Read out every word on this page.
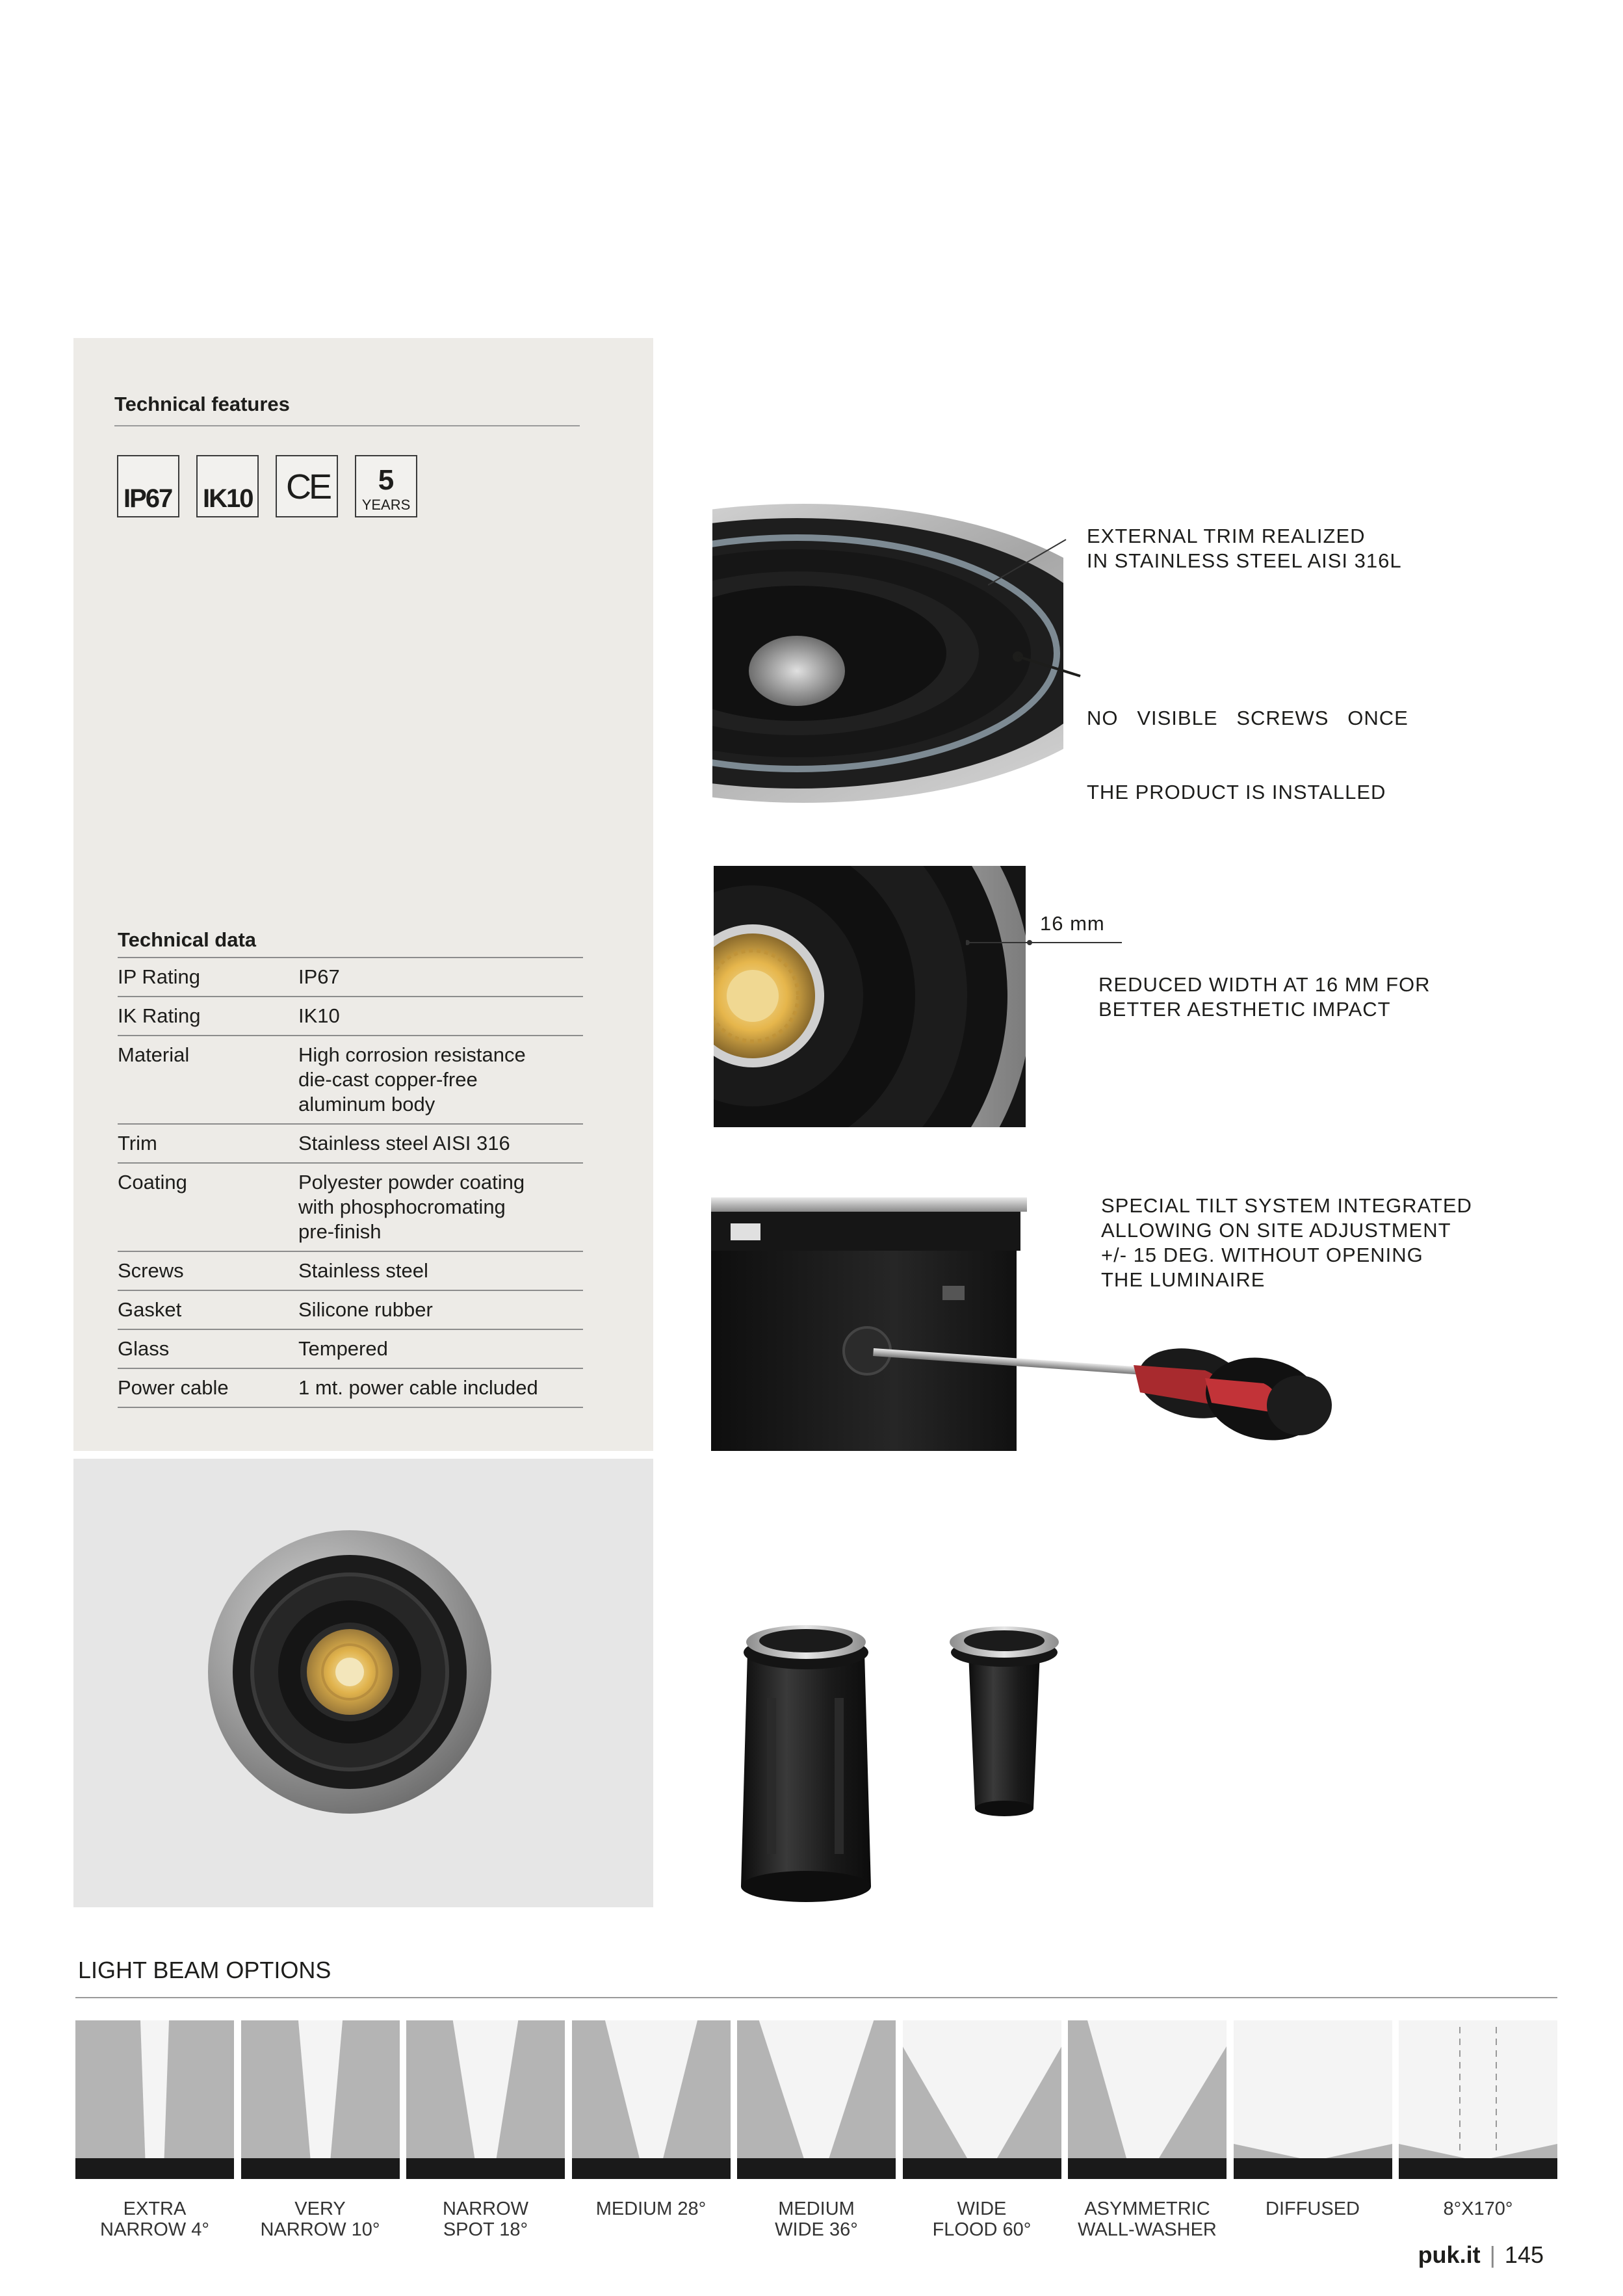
Technical features
IP67 IK10 CE	5
YEARS
Technical data
IP Rating	IP67
IK Rating	IK10
Material	High corrosion resistance
die-cast copper-free
aluminum body
Trim	Stainless steel AISI 316
Coating	Polyester powder coating
with phosphocromating
pre-finish
Screws	Stainless steel
Gasket	Silicone rubber
Glass	Tempered
Power cable	1 mt. power cable included
EXTERNAL TRIM REALIZED
IN STAINLESS STEEL AISI 316L

NO   VISIBLE   SCREWS   ONCE

THE PRODUCT IS INSTALLED

16 mm
REDUCED WIDTH AT 16 MM FOR
BETTER AESTHETIC IMPACT
SPECIAL TILT SYSTEM INTEGRATED
ALLOWING ON SITE ADJUSTMENT
+/- 15 DEG. WITHOUT OPENING
THE LUMINAIRE
LIGHT BEAM OPTIONS
EXTRA
NARROW 4°
VERY
NARROW 10°
NARROW
SPOT 18°
MEDIUM 28°	MEDIUM
WIDE 36°
WIDE
FLOOD 60°
ASYMMETRIC
WALL-WASHER
DIFFUSED	8°X170°
puk.it | 145
